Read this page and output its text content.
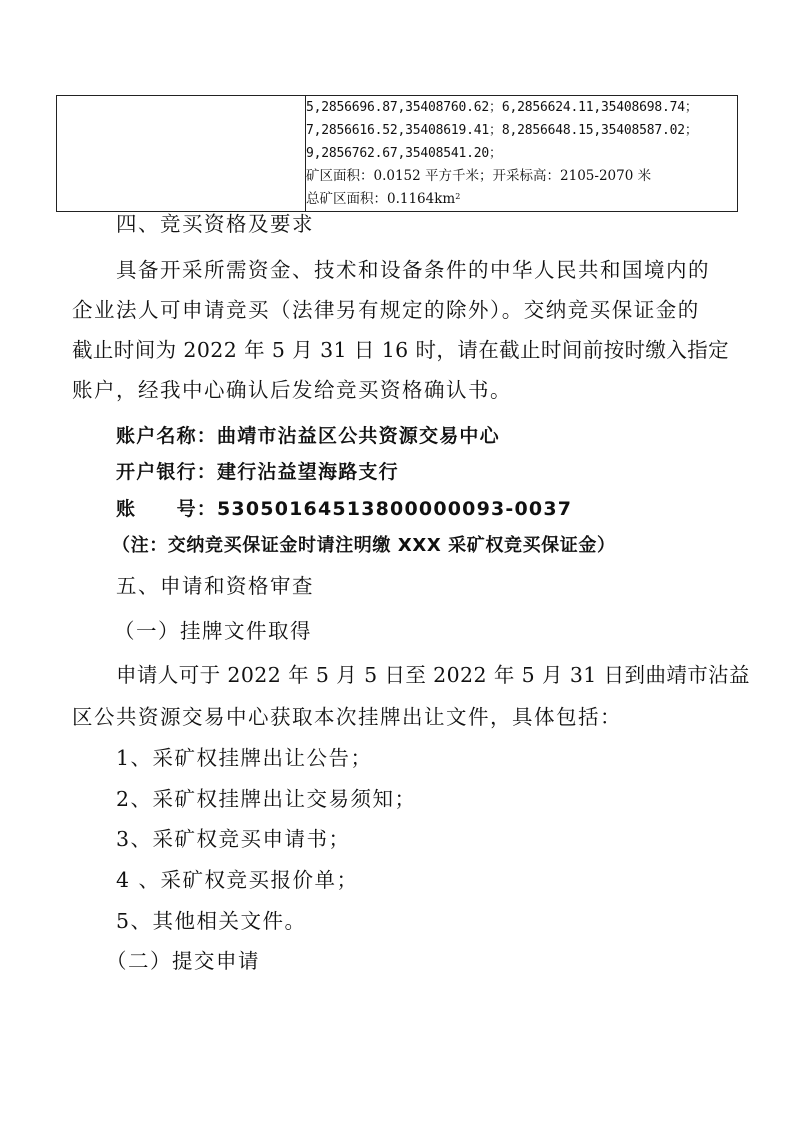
5,2856696.87,35408760.62；6,2856624.11,35408698.74；
7,2856616.52,35408619.41；8,2856648.15,35408587.02；
9,2856762.67,35408541.20；
矿区面积：0.0152 平方千米；开采标高：2105-2070 米
总矿区面积：$0.1164km^2$
四、竞买资格及要求
具备开采所需资金、技术和设备条件的中华人民共和国境内的
企业法人可申请竞买（法律另有规定的除外）。交纳竞买保证金的
截止时间为 2022 年 5 月 31 日 16 时，请在截止时间前按时缴入指定
账户，经我中心确认后发给竞买资格确认书。
账户名称：曲靖市沾益区公共资源交易中心
开户银行：建行沾益望海路支行
账　　号：53050164513800000093-0037
（注：交纳竞买保证金时请注明缴 XXX 采矿权竞买保证金）
五、申请和资格审查
（一）挂牌文件取得
申请人可于 2022 年 5 月 5 日至 2022 年 5 月 31 日到曲靖市沾益
区公共资源交易中心获取本次挂牌出让文件，具体包括：
1、采矿权挂牌出让公告；
2、采矿权挂牌出让交易须知；
3、采矿权竞买申请书；
4 、采矿权竞买报价单；
5、其他相关文件。
（二）提交申请
